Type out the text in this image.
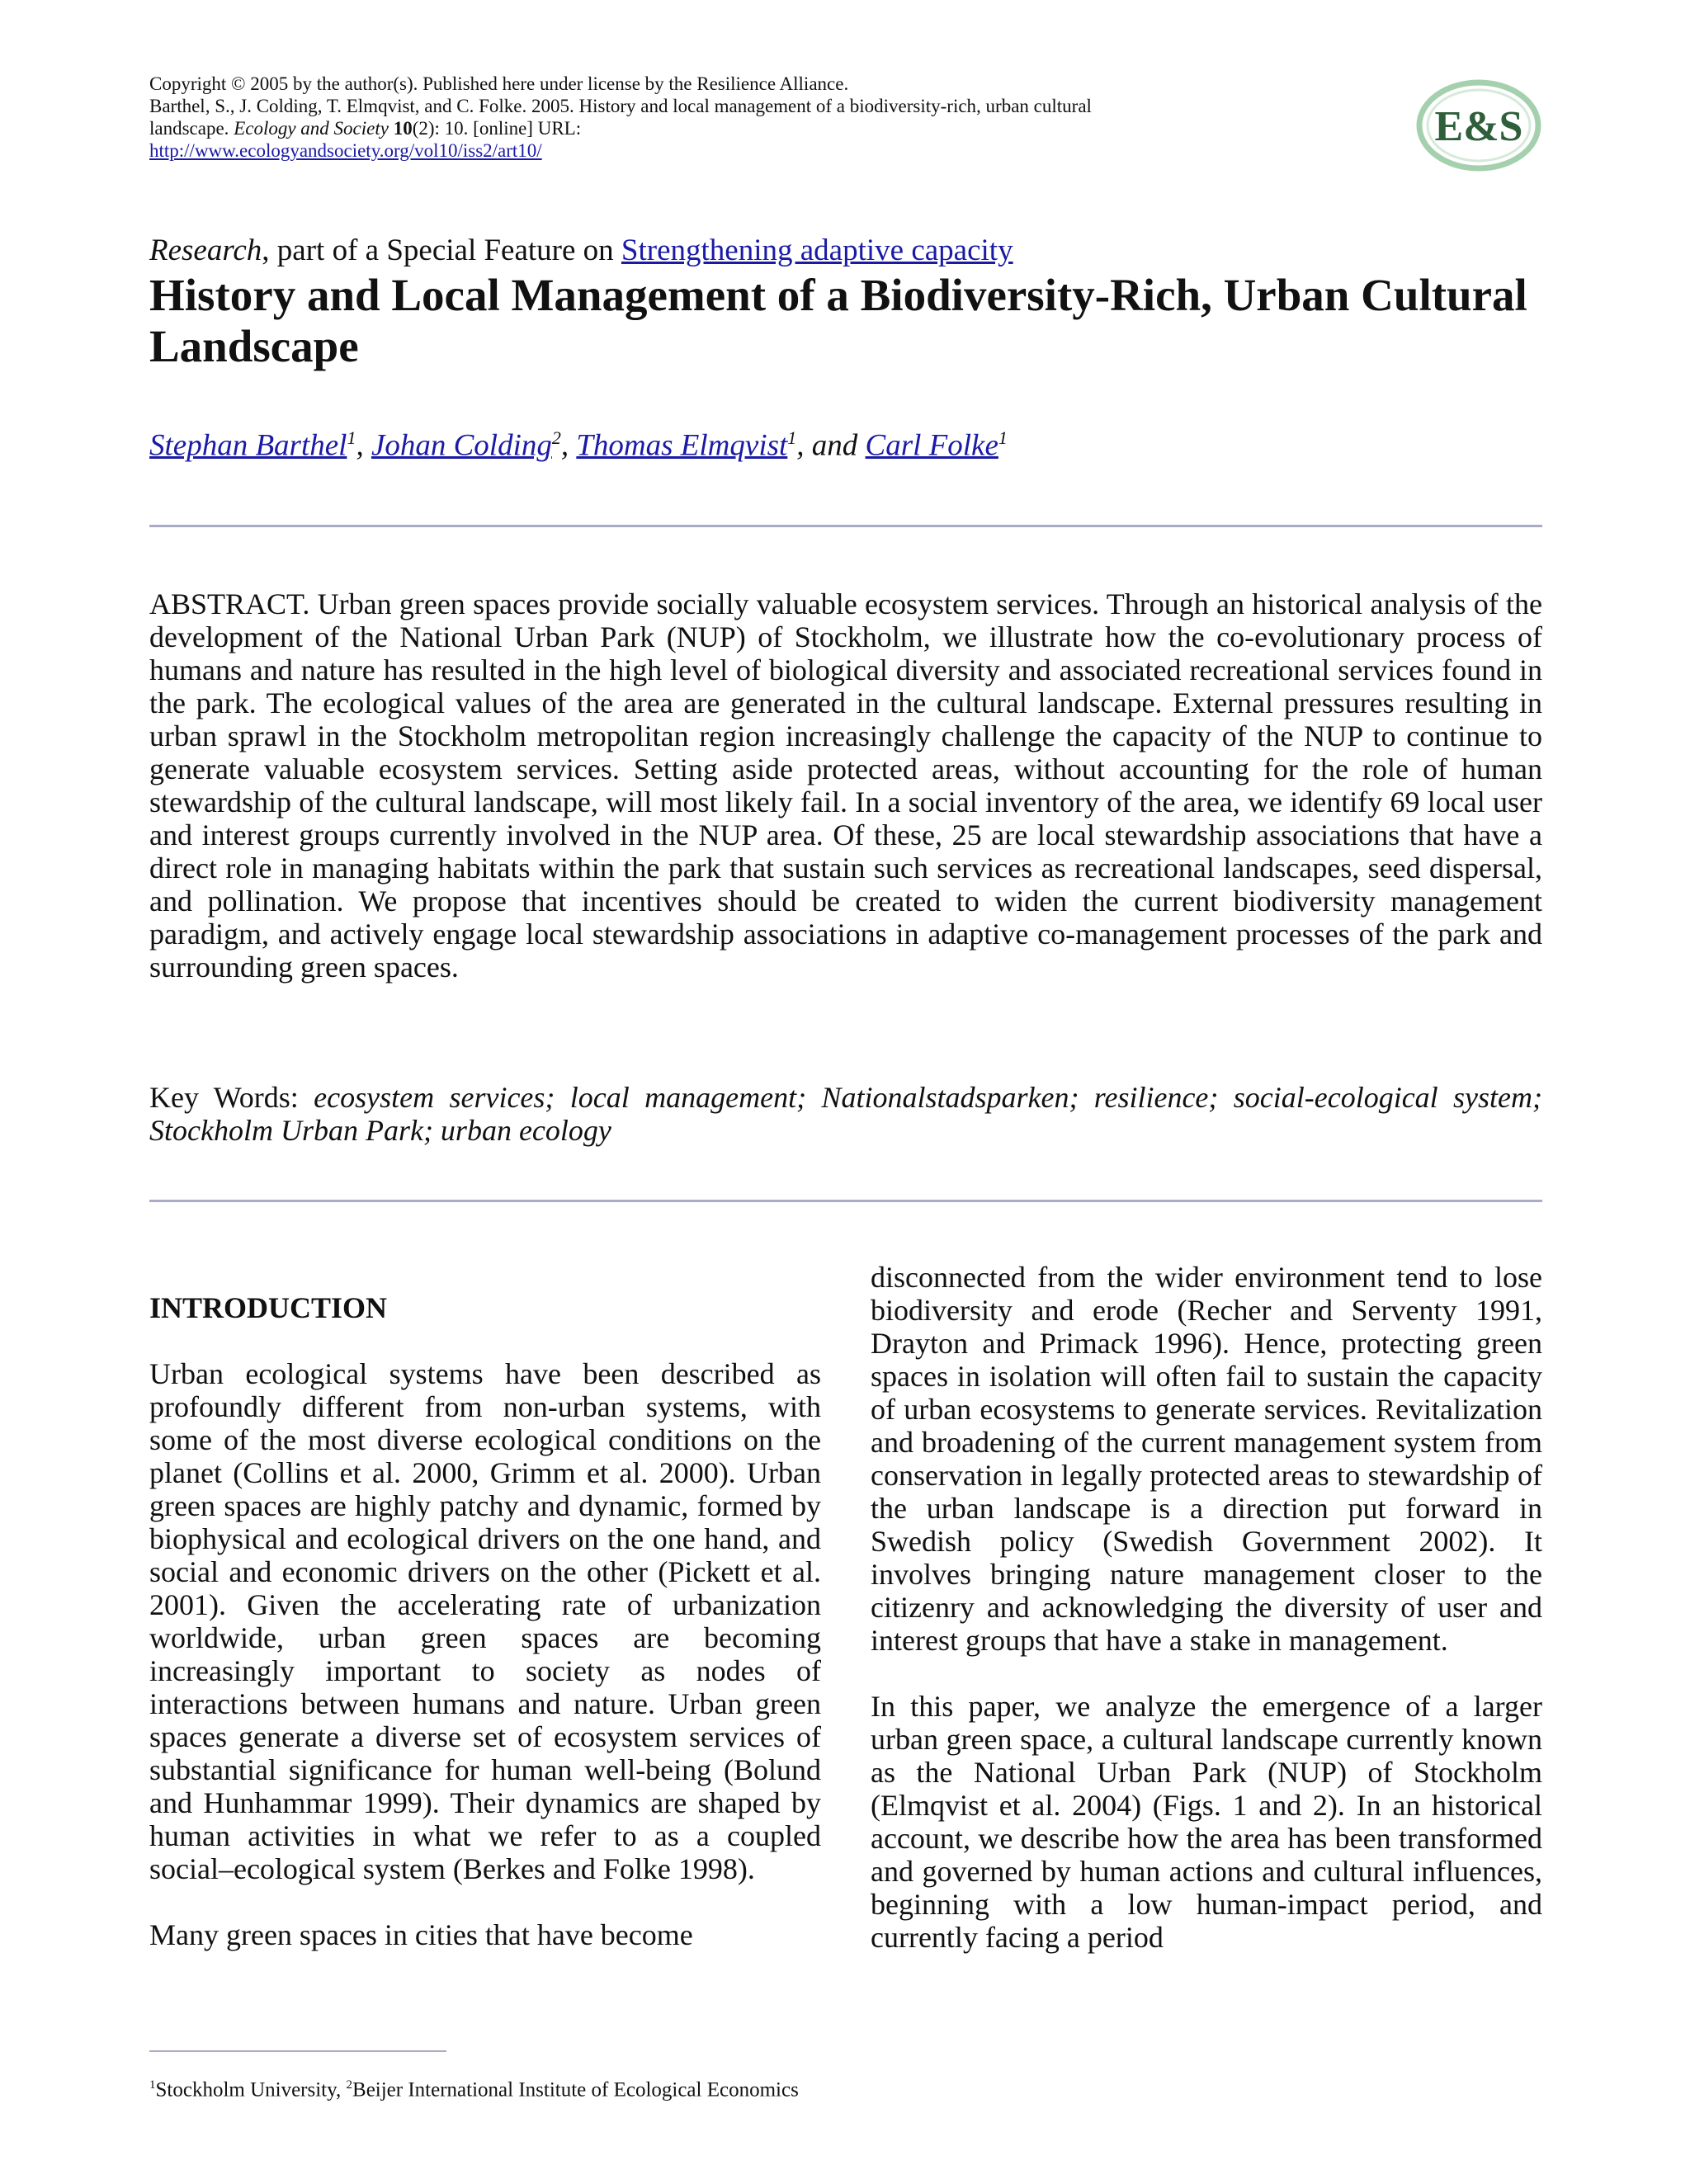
Copyright © 2005 by the author(s). Published here under license by the Resilience Alliance.

Barthel, S., J. Colding, T. Elmqvist, and C. Folke. 2005. History and local management of a biodiversity-rich, urban cultural landscape. Ecology and Society 10(2): 10. [online] URL:

http://www.ecologyandsociety.org/vol10/iss2/art10/

E&S
Research, part of a Special Feature on Strengthening adaptive capacity
History and Local Management of a Biodiversity-Rich, Urban Cultural Landscape
Stephan Barthel$^1$, Johan Colding$^2$, Thomas Elmqvist$^1$, and Carl Folke$^1$

ABSTRACT. Urban green spaces provide socially valuable ecosystem services. Through an historical analysis of the development of the National Urban Park (NUP) of Stockholm, we illustrate how the co-evolutionary process of humans and nature has resulted in the high level of biological diversity and associated recreational services found in the park. The ecological values of the area are generated in the cultural landscape. External pressures resulting in urban sprawl in the Stockholm metropolitan region increasingly challenge the capacity of the NUP to continue to generate valuable ecosystem services. Setting aside protected areas, without accounting for the role of human stewardship of the cultural landscape, will most likely fail. In a social inventory of the area, we identify 69 local user and interest groups currently involved in the NUP area. Of these, 25 are local stewardship associations that have a direct role in managing habitats within the park that sustain such services as recreational landscapes, seed dispersal, and pollination. We propose that incentives should be created to widen the current biodiversity management paradigm, and actively engage local stewardship associations in adaptive co-management processes of the park and surrounding green spaces.

Key Words: ecosystem services; local management; Nationalstadsparken; resilience; social-ecological system; Stockholm Urban Park; urban ecology

INTRODUCTION

Urban ecological systems have been described as profoundly different from non-urban systems, with some of the most diverse ecological conditions on the planet (Collins et al. 2000, Grimm et al. 2000). Urban green spaces are highly patchy and dynamic, formed by biophysical and ecological drivers on the one hand, and social and economic drivers on the other (Pickett et al. 2001). Given the accelerating rate of urbanization worldwide, urban green spaces are becoming increasingly important to society as nodes of interactions between humans and nature. Urban green spaces generate a diverse set of ecosystem services of substantial significance for human well-being (Bolund and Hunhammar 1999). Their dynamics are shaped by human activities in what we refer to as a coupled social–ecological system (Berkes and Folke 1998).

Many green spaces in cities that have become

disconnected from the wider environment tend to lose biodiversity and erode (Recher and Serventy 1991, Drayton and Primack 1996). Hence, protecting green spaces in isolation will often fail to sustain the capacity of urban ecosystems to generate services. Revitalization and broadening of the current management system from conservation in legally protected areas to stewardship of the urban landscape is a direction put forward in Swedish policy (Swedish Government 2002). It involves bringing nature management closer to the citizenry and acknowledging the diversity of user and interest groups that have a stake in management.

In this paper, we analyze the emergence of a larger urban green space, a cultural landscape currently known as the National Urban Park (NUP) of Stockholm (Elmqvist et al. 2004) (Figs. 1 and 2). In an historical account, we describe how the area has been transformed and governed by human actions and cultural influences, beginning with a low human-impact period, and currently facing a period

$^1$Stockholm University, $^2$Beijer International Institute of Ecological Economics
